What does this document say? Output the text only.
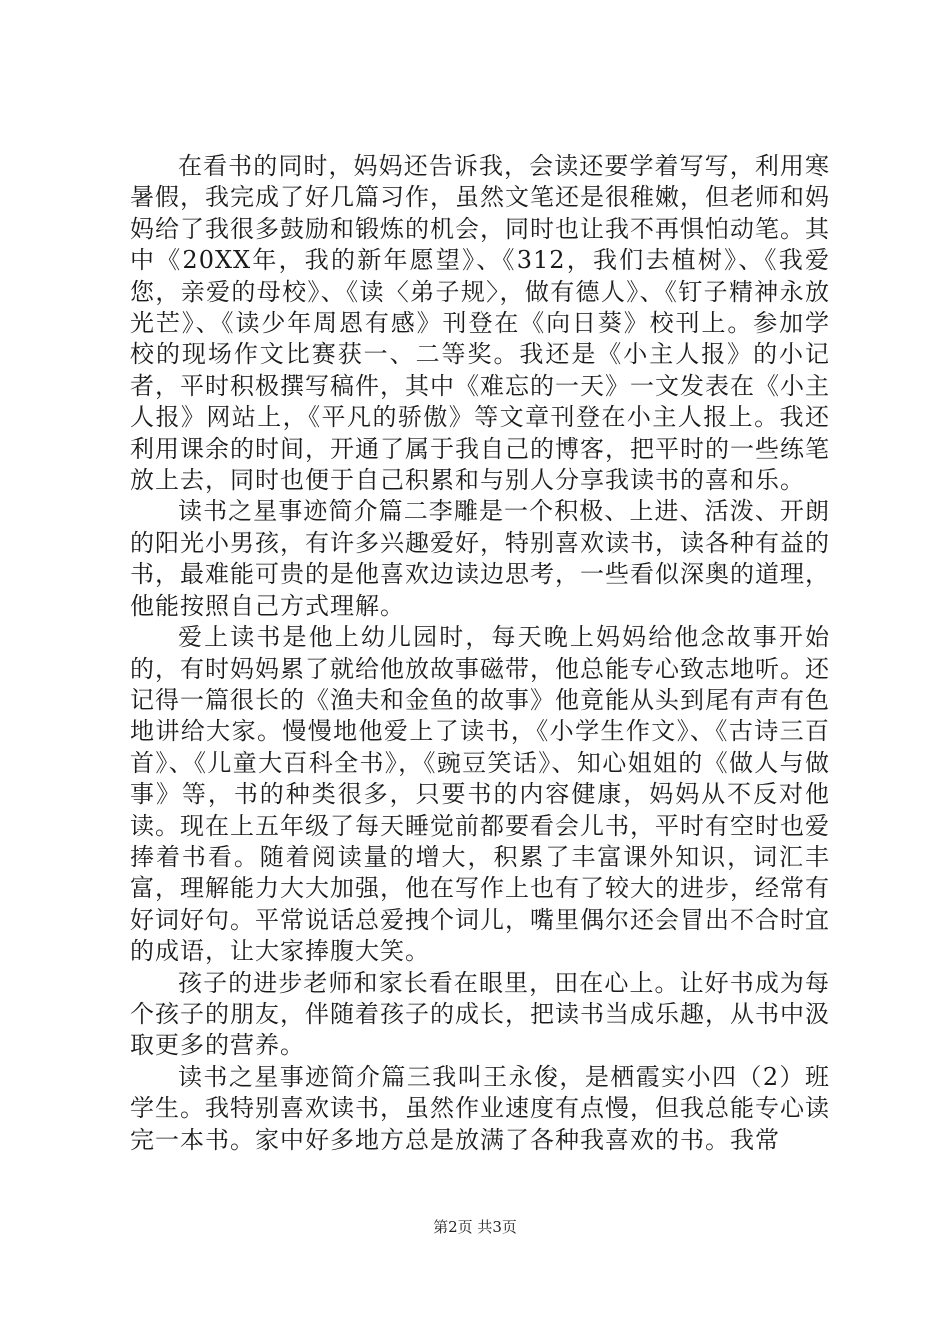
在看书的同时，妈妈还告诉我，会读还要学着写写，利用寒暑假，我完成了好几篇习作，虽然文笔还是很稚嫩，但老师和妈妈给了我很多鼓励和锻炼的机会，同时也让我不再惧怕动笔。其中《20XX年，我的新年愿望》、《312，我们去植树》、《我爱您，亲爱的母校》、《读〈弟子规〉，做有德人》、《钉子精神永放光芒》、《读少年周恩有感》刊登在《向日葵》校刊上。参加学校的现场作文比赛获一、二等奖。我还是《小主人报》的小记者，平时积极撰写稿件，其中《难忘的一天》一文发表在《小主人报》网站上，《平凡的骄傲》等文章刊登在小主人报上。我还利用课余的时间，开通了属于我自己的博客，把平时的一些练笔放上去，同时也便于自己积累和与别人分享我读书的喜和乐。

读书之星事迹简介篇二李雕是一个积极、上进、活泼、开朗的阳光小男孩，有许多兴趣爱好，特别喜欢读书，读各种有益的书，最难能可贵的是他喜欢边读边思考，一些看似深奥的道理，他能按照自己方式理解。

爱上读书是他上幼儿园时，每天晚上妈妈给他念故事开始的，有时妈妈累了就给他放故事磁带，他总能专心致志地听。还记得一篇很长的《渔夫和金鱼的故事》他竟能从头到尾有声有色地讲给大家。慢慢地他爱上了读书，《小学生作文》、《古诗三百首》、《儿童大百科全书》，《豌豆笑话》、知心姐姐的《做人与做事》等，书的种类很多，只要书的内容健康，妈妈从不反对他读。现在上五年级了每天睡觉前都要看会儿书，平时有空时也爱捧着书看。随着阅读量的增大，积累了丰富课外知识，词汇丰富，理解能力大大加强，他在写作上也有了较大的进步，经常有好词好句。平常说话总爱拽个词儿，嘴里偶尔还会冒出不合时宜的成语，让大家捧腹大笑。

孩子的进步老师和家长看在眼里，田在心上。让好书成为每个孩子的朋友，伴随着孩子的成长，把读书当成乐趣，从书中汲取更多的营养。

读书之星事迹简介篇三我叫王永俊，是栖霞实小四（2）班学生。我特别喜欢读书，虽然作业速度有点慢，但我总能专心读完一本书。家中好多地方总是放满了各种我喜欢的书。我常

第2页 共3页
